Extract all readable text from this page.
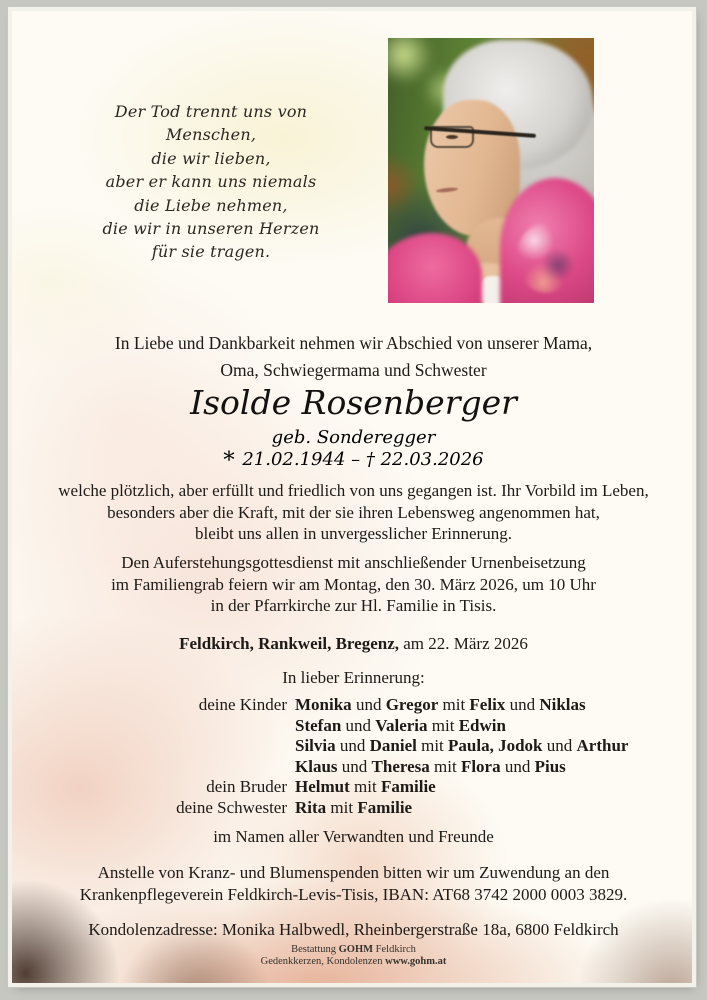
Der Tod trennt uns von Menschen,
die wir lieben,
aber er kann uns niemals
die Liebe nehmen,
die wir in unseren Herzen
für sie tragen.
In Liebe und Dankbarkeit nehmen wir Abschied von unserer Mama,
Oma, Schwiegermama und Schwester
Isolde Rosenberger
geb. Sonderegger
* 21.02.1944 – † 22.03.2026
welche plötzlich, aber erfüllt und friedlich von uns gegangen ist. Ihr Vorbild im Leben,
besonders aber die Kraft, mit der sie ihren Lebensweg angenommen hat,
bleibt uns allen in unvergesslicher Erinnerung.
Den Auferstehungsgottesdienst mit anschließender Urnenbeisetzung
im Familiengrab feiern wir am Montag, den 30. März 2026, um 10 Uhr
in der Pfarrkirche zur Hl. Familie in Tisis.
Feldkirch, Rankweil, Bregenz, am 22. März 2026
In lieber Erinnerung:
deine Kinder Monika und Gregor mit Felix und Niklas
Stefan und Valeria mit Edwin
Silvia und Daniel mit Paula, Jodok und Arthur
Klaus und Theresa mit Flora und Pius
dein Bruder Helmut mit Familie
deine Schwester Rita mit Familie
im Namen aller Verwandten und Freunde
Anstelle von Kranz- und Blumenspenden bitten wir um Zuwendung an den
Krankenpflegeverein Feldkirch-Levis-Tisis, IBAN: AT68 3742 2000 0003 3829.
Kondolenzadresse: Monika Halbwedl, Rheinbergerstraße 18a, 6800 Feldkirch
Bestattung GOHM Feldkirch
Gedenkkerzen, Kondolenzen www.gohm.at
